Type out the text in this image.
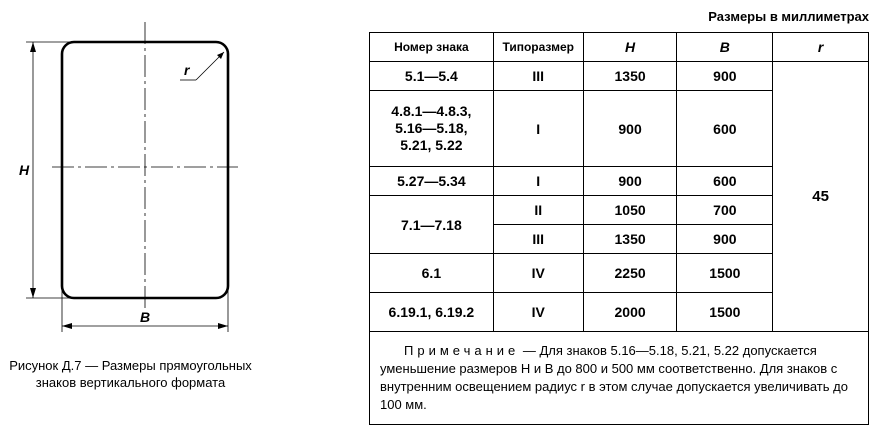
H
B
r
Рисунок Д.7 — Размеры прямоугольных знаков вертикального формата
Размеры в миллиметрах
Номер знака	Типоразмер	H	B	r
5.1—5.4	III	1350	900	45
4.8.1—4.8.3, 5.16—5.18, 5.21, 5.22	I	900	600	
5.27—5.34	I	900	600	
7.1—7.18	II	1050	700	
	III	1350	900	
6.1	IV	2250	1500	
6.19.1, 6.19.2	IV	2000	1500	
Примечание — Для знаков 5.16—5.18, 5.21, 5.22 допускается уменьшение размеров H и B до 800 и 500 мм соответственно. Для знаков с внутренним освещением радиус r в этом случае допускается увеличивать до 100 мм.				
